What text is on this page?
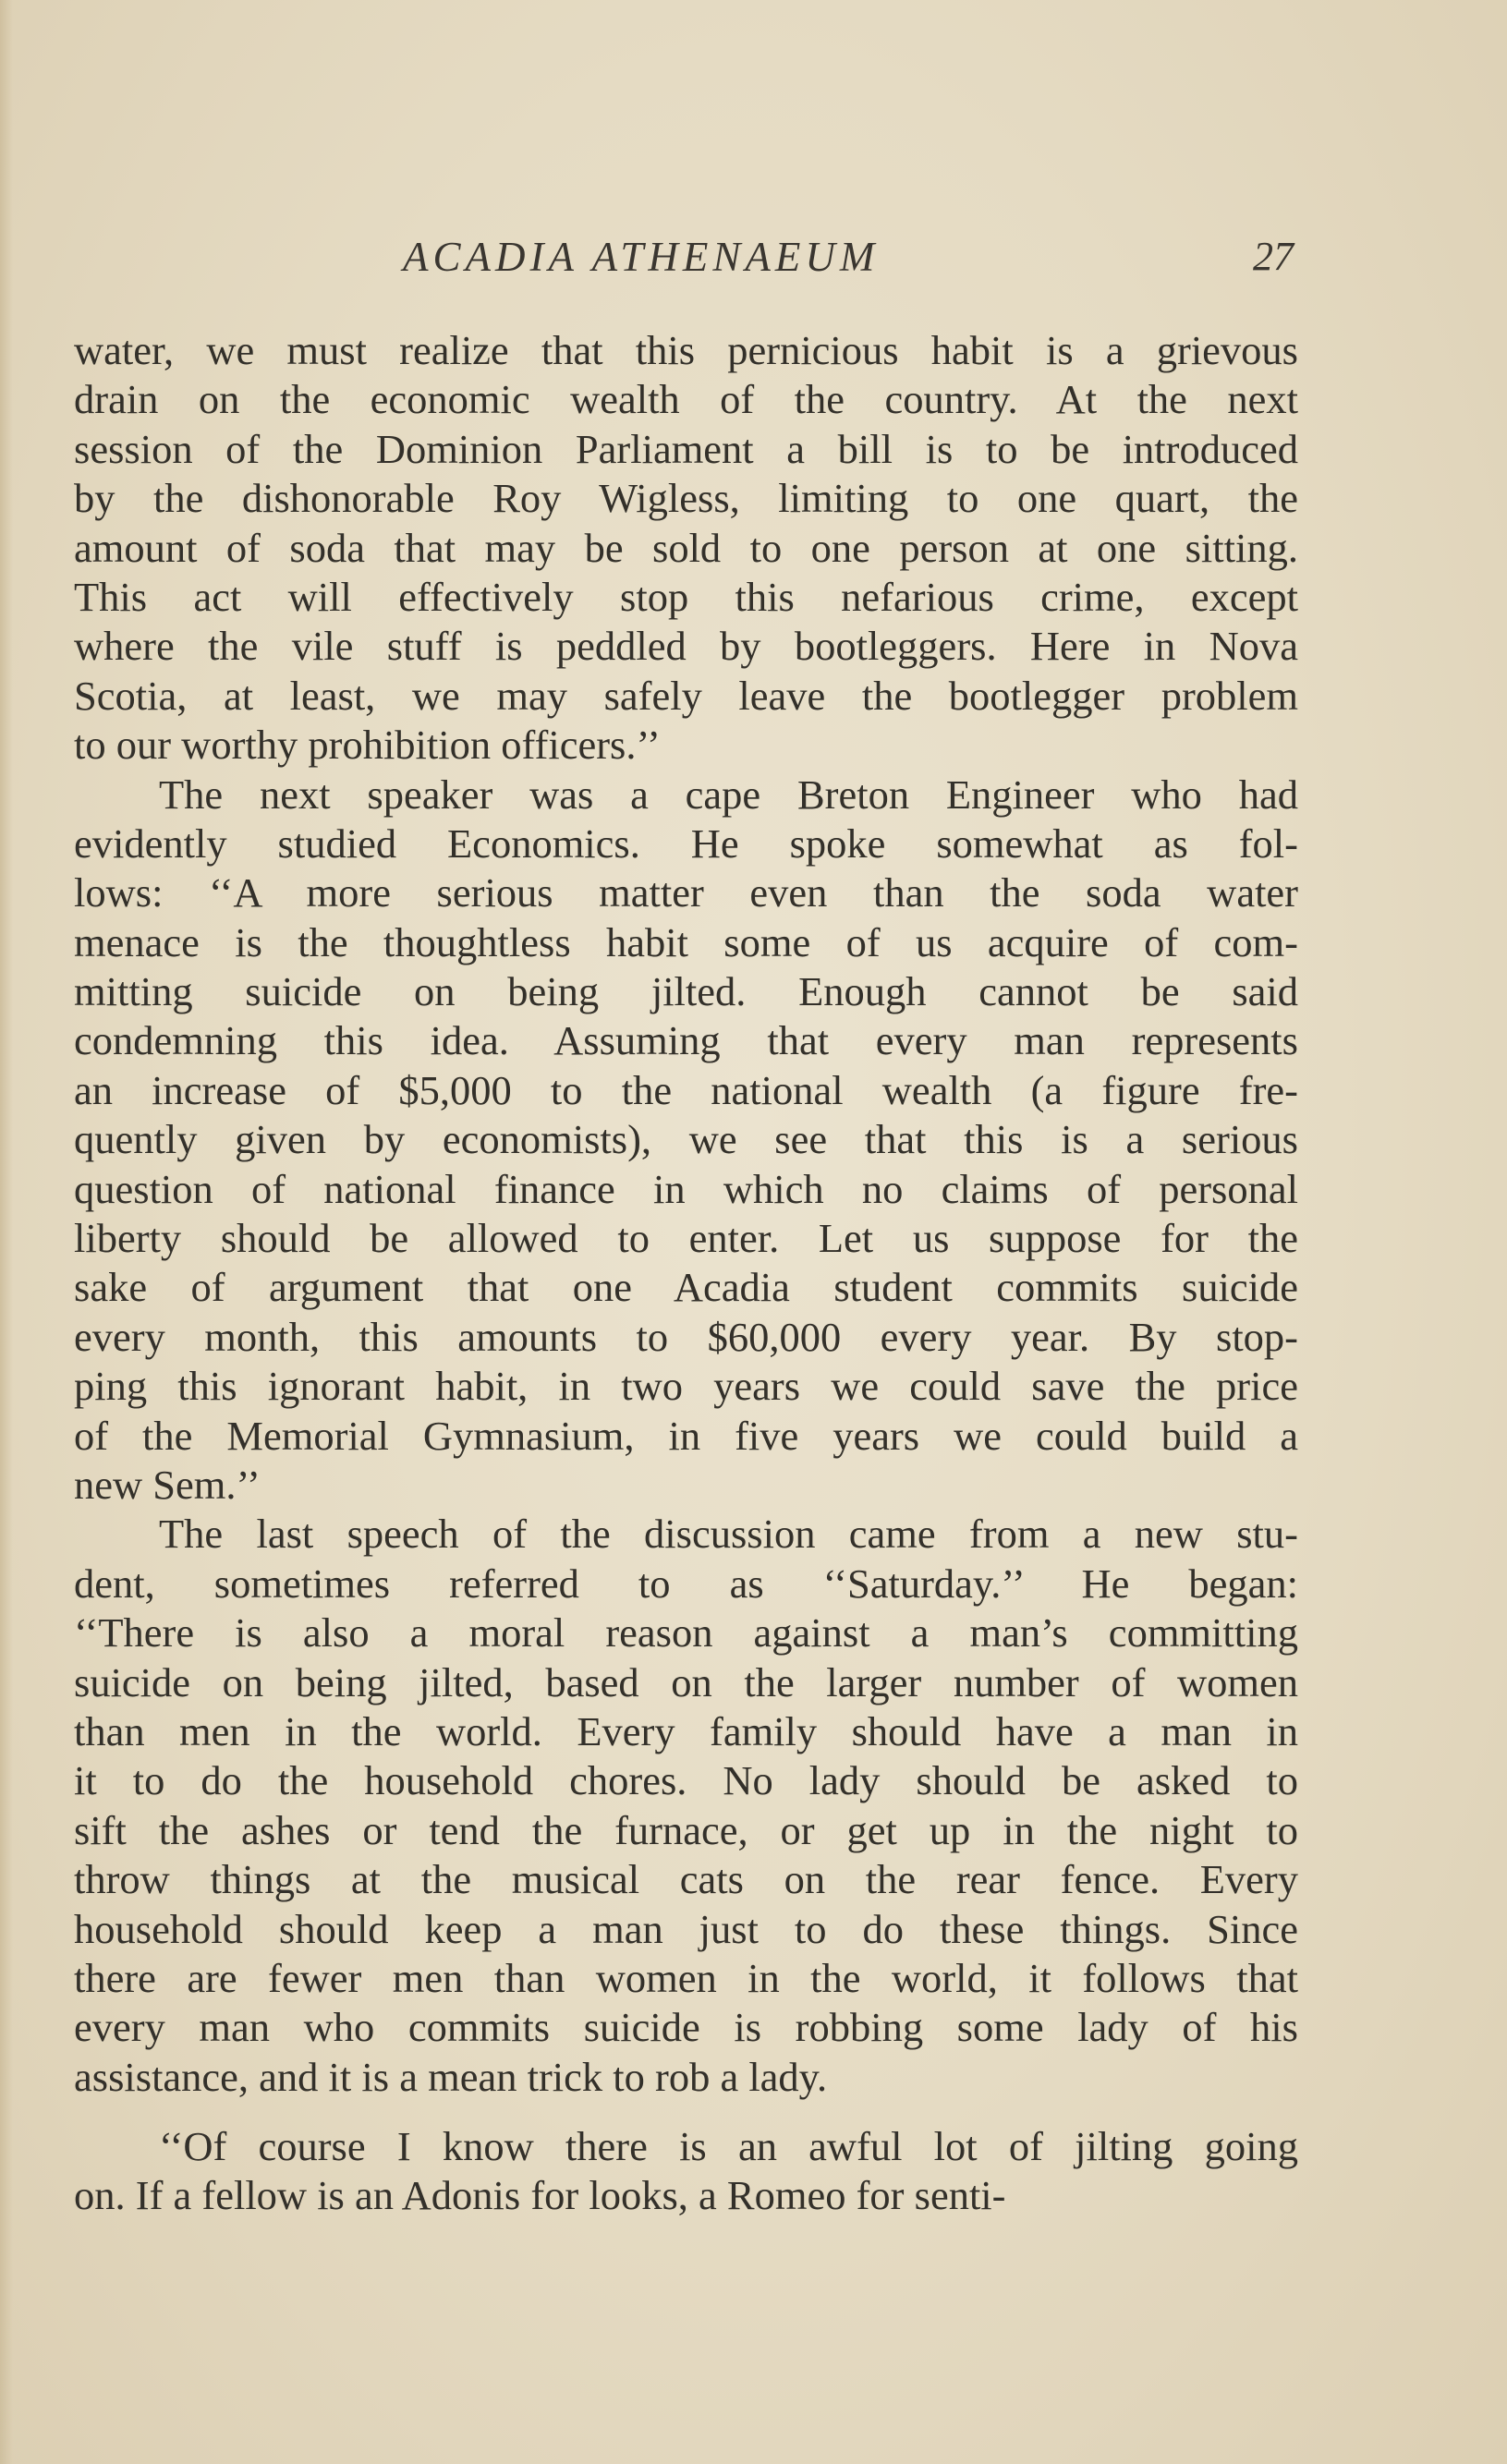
ACADIA ATHENAEUM	27
water, we must realize that this pernicious habit is a grievous
drain on the economic wealth of the country. At the next
session of the Dominion Parliament a bill is to be introduced
by the dishonorable Roy Wigless, limiting to one quart, the
amount of soda that may be sold to one person at one sitting.
This act will effectively stop this nefarious crime, except
where the vile stuff is peddled by bootleggers. Here in Nova
Scotia, at least, we may safely leave the bootlegger problem
to our worthy prohibition officers.’’
The next speaker was a cape Breton Engineer who had
evidently studied Economics. He spoke somewhat as fol-
lows: ‘‘A more serious matter even than the soda water
menace is the thoughtless habit some of us acquire of com-
mitting suicide on being jilted. Enough cannot be said
condemning this idea. Assuming that every man represents
an increase of $5,000 to the national wealth (a figure fre-
quently given by economists), we see that this is a serious
question of national finance in which no claims of personal
liberty should be allowed to enter. Let us suppose for the
sake of argument that one Acadia student commits suicide
every month, this amounts to $60,000 every year. By stop-
ping this ignorant habit, in two years we could save the price
of the Memorial Gymnasium, in five years we could build a
new Sem.’’
The last speech of the discussion came from a new stu-
dent, sometimes referred to as ‘‘Saturday.’’ He began:
‘‘There is also a moral reason against a man’s committing
suicide on being jilted, based on the larger number of women
than men in the world. Every family should have a man in
it to do the household chores. No lady should be asked to
sift the ashes or tend the furnace, or get up in the night to
throw things at the musical cats on the rear fence. Every
household should keep a man just to do these things. Since
there are fewer men than women in the world, it follows that
every man who commits suicide is robbing some lady of his
assistance, and it is a mean trick to rob a lady.
‘‘Of course I know there is an awful lot of jilting going
on. If a fellow is an Adonis for looks, a Romeo for senti-
